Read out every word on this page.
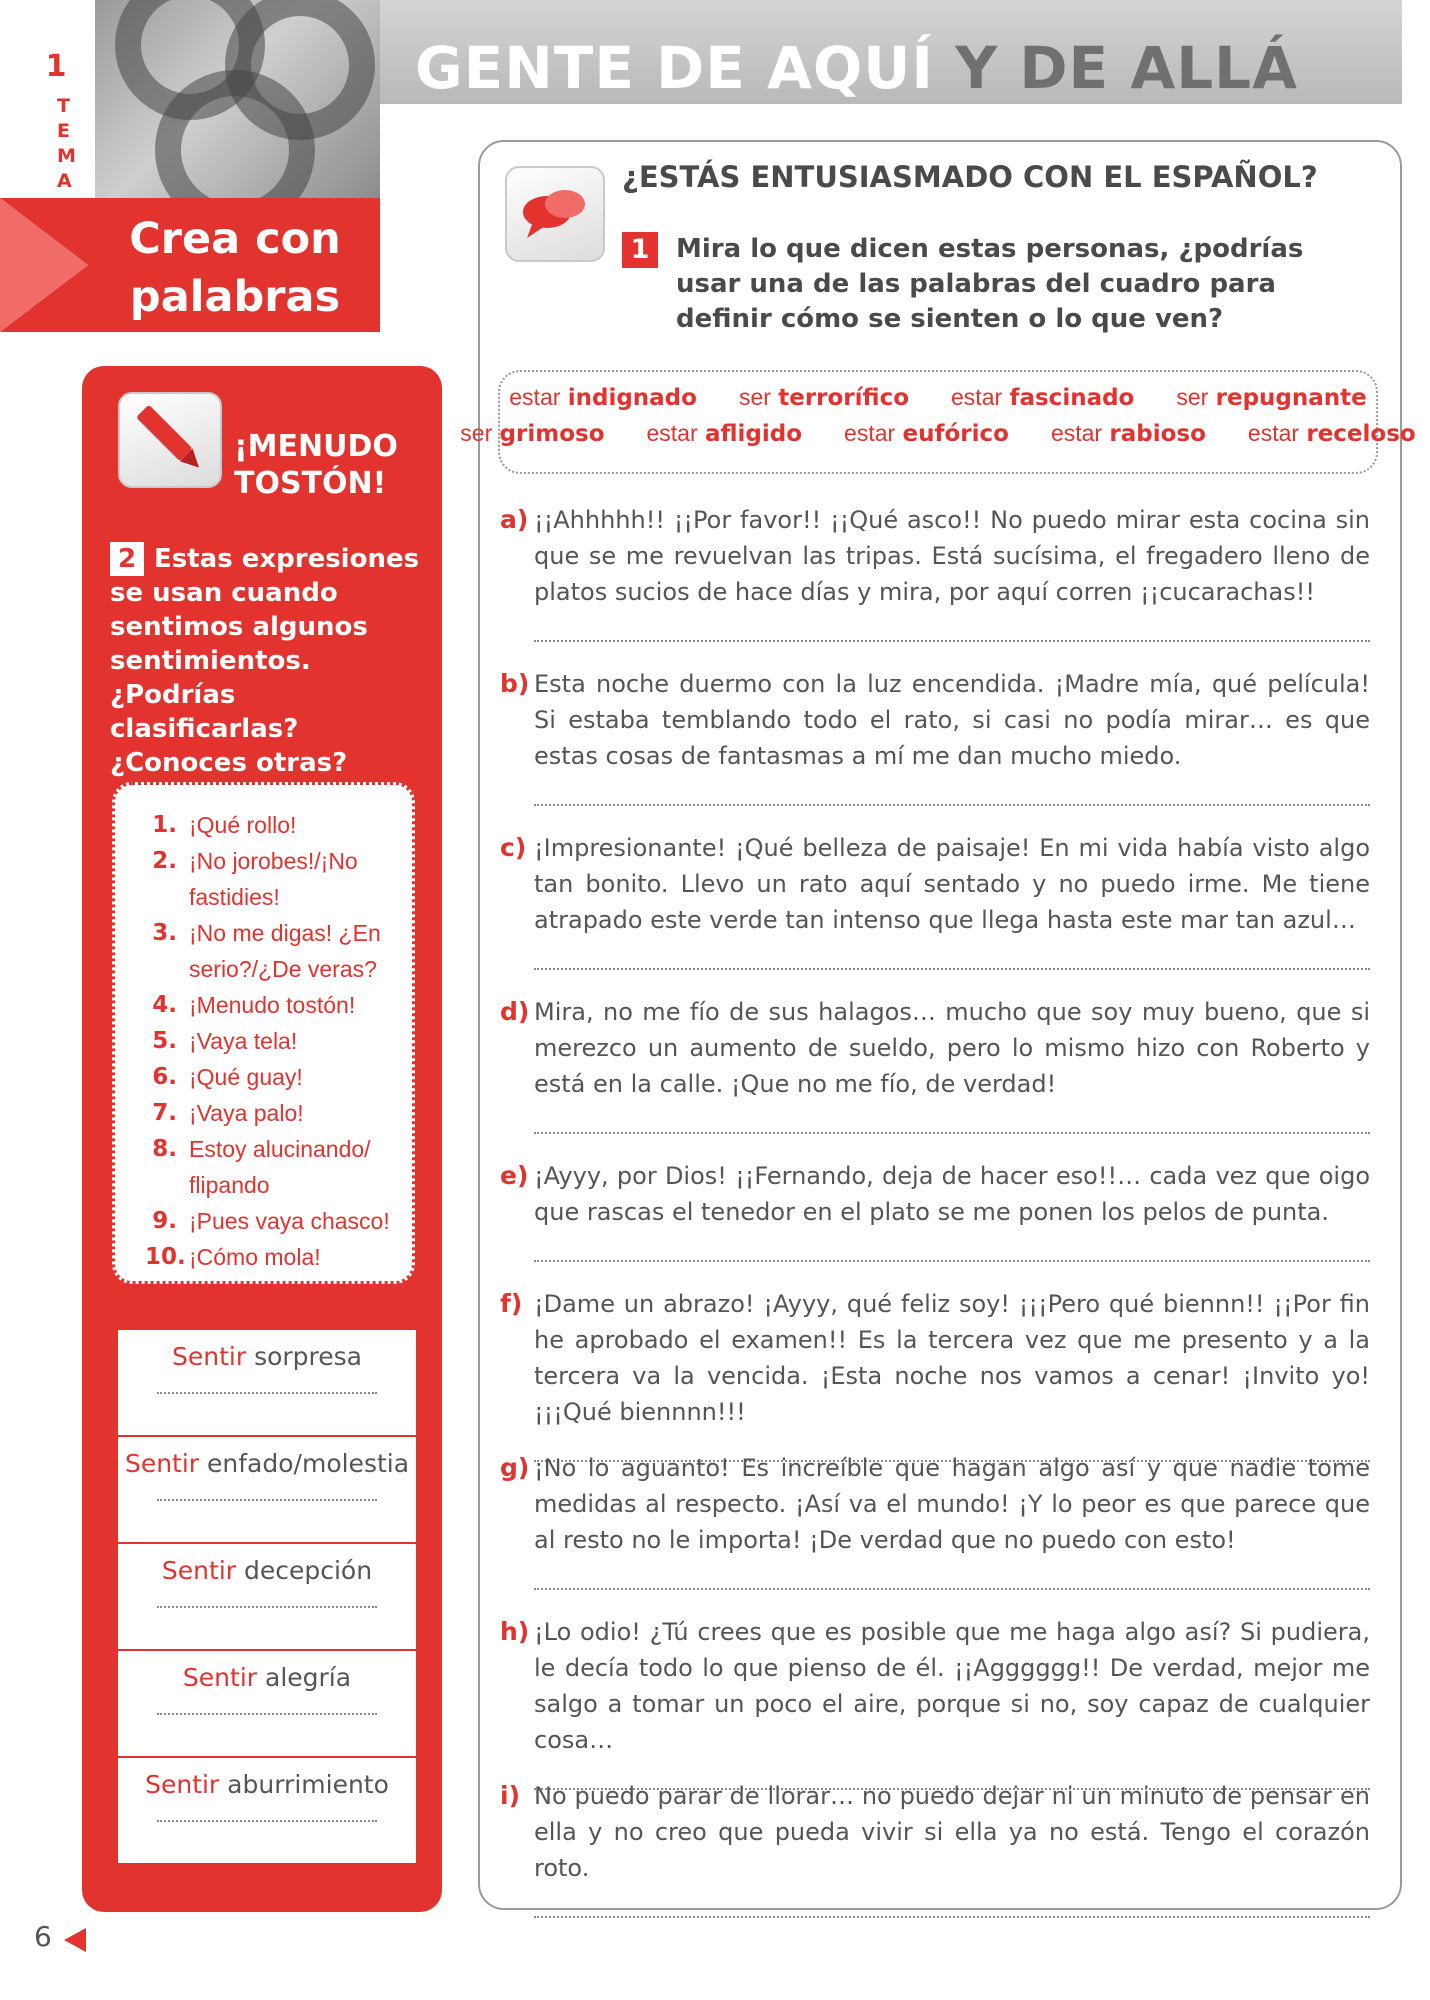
GENTE DE AQUÍ Y DE ALLÁ
1
T
E
M
A
Crea con
palabras
¡MENUDO
TOSTÓN!
2 Estas expresiones se usan cuando sentimos algunos sentimientos. ¿Podrías clasificarlas? ¿Conoces otras?
1. ¡Qué rollo!
2. ¡No jorobes!/¡No fastidies!
3. ¡No me digas! ¿En serio?/¿De veras?
4. ¡Menudo tostón!
5. ¡Vaya tela!
6. ¡Qué guay!
7. ¡Vaya palo!
8. Estoy alucinando/ flipando
9. ¡Pues vaya chasco!
10. ¡Cómo mola!
Sentir sorpresa
Sentir enfado/molestia
Sentir decepción
Sentir alegría
Sentir aburrimiento
6
¿ESTÁS ENTUSIASMADO CON EL ESPAÑOL?
1	Mira lo que dicen estas personas, ¿podrías usar una de las palabras del cuadro para definir cómo se sienten o lo que ven?
estar indignado ser terrorífico estar fascinado ser repugnante
ser grimoso estar afligido estar eufórico estar rabioso estar receloso
a) ¡¡Ahhhhh!! ¡¡Por favor!! ¡¡Qué asco!! No puedo mirar esta cocina sin que se me revuelvan las tripas. Está sucísima, el fregadero lleno de platos sucios de hace días y mira, por aquí corren ¡¡cucarachas!!
b) Esta noche duermo con la luz encendida. ¡Madre mía, qué película! Si estaba temblando todo el rato, si casi no podía mirar… es que estas cosas de fantasmas a mí me dan mucho miedo.
c) ¡Impresionante! ¡Qué belleza de paisaje! En mi vida había visto algo tan bonito. Llevo un rato aquí sentado y no puedo irme. Me tiene atrapado este verde tan intenso que llega hasta este mar tan azul…
d) Mira, no me fío de sus halagos… mucho que soy muy bueno, que si merezco un aumento de sueldo, pero lo mismo hizo con Roberto y está en la calle. ¡Que no me fío, de verdad!
e) ¡Ayyy, por Dios! ¡¡Fernando, deja de hacer eso!!… cada vez que oigo que rascas el tenedor en el plato se me ponen los pelos de punta.
f) ¡Dame un abrazo! ¡Ayyy, qué feliz soy! ¡¡¡Pero qué biennn!! ¡¡Por fin he aprobado el examen!! Es la tercera vez que me presento y a la tercera va la vencida. ¡Esta noche nos vamos a cenar! ¡Invito yo! ¡¡¡Qué biennnn!!!
g) ¡No lo aguanto! Es increíble que hagan algo así y que nadie tome medidas al respecto. ¡Así va el mundo! ¡Y lo peor es que parece que al resto no le importa! ¡De verdad que no puedo con esto!
h) ¡Lo odio! ¿Tú crees que es posible que me haga algo así? Si pudiera, le decía todo lo que pienso de él. ¡¡Agggggg!! De verdad, mejor me salgo a tomar un poco el aire, porque si no, soy capaz de cualquier cosa…
i) No puedo parar de llorar… no puedo dejar ni un minuto de pensar en ella y no creo que pueda vivir si ella ya no está. Tengo el corazón roto.
